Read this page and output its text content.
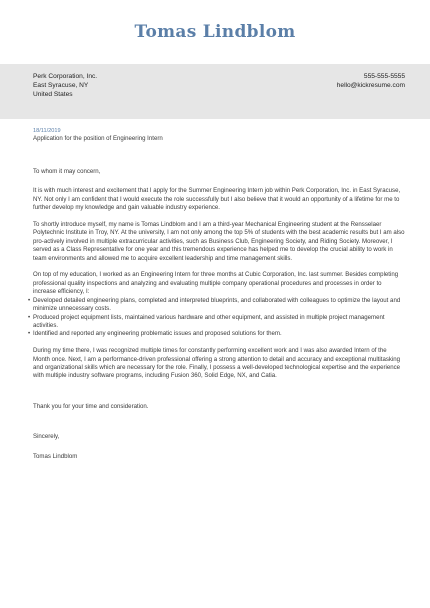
Tomas Lindblom
Perk Corporation, Inc.
East Syracuse, NY
United States
555-555-5555
hello@kickresume.com
18/11/2019

Application for the position of Engineering Intern

To whom it may concern,

It is with much interest and excitement that I apply for the Summer Engineering Intern job within Perk Corporation, Inc. in East Syracuse, NY. Not only I am confident that I would execute the role successfully but I also believe that it would an opportunity of a lifetime for me to further develop my knowledge and gain valuable industry experience.

To shortly introduce myself, my name is Tomas Lindblom and I am a third-year Mechanical Engineering student at the Rensselaer Polytechnic Institute in Troy, NY. At the university, I am not only among the top 5% of students with the best academic results but I am also pro-actively involved in multiple extracurricular activities, such as Business Club, Engineering Society, and Riding Society. Moreover, I served as a Class Representative for one year and this tremendous experience has helped me to develop the crucial ability to work in team environments and allowed me to acquire excellent leadership and time management skills.

On top of my education, I worked as an Engineering Intern for three months at Cubic Corporation, Inc. last summer. Besides completing professional quality inspections and analyzing and evaluating multiple company operational procedures and processes in order to increase efficiency, I:

• Developed detailed engineering plans, completed and interpreted blueprints, and collaborated with colleagues to optimize the layout and minimize unnecessary costs.
• Produced project equipment lists, maintained various hardware and other equipment, and assisted in multiple project management activities.
• Identified and reported any engineering problematic issues and proposed solutions for them.

During my time there, I was recognized multiple times for constantly performing excellent work and I was also awarded Intern of the Month once. Next, I am a performance-driven professional offering a strong attention to detail and accuracy and exceptional multitasking and organizational skills which are necessary for the role. Finally, I possess a well-developed technological expertise and the experience with multiple industry software programs, including Fusion 360, Solid Edge, NX, and Catia.

Thank you for your time and consideration.

Sincerely,

Tomas Lindblom
